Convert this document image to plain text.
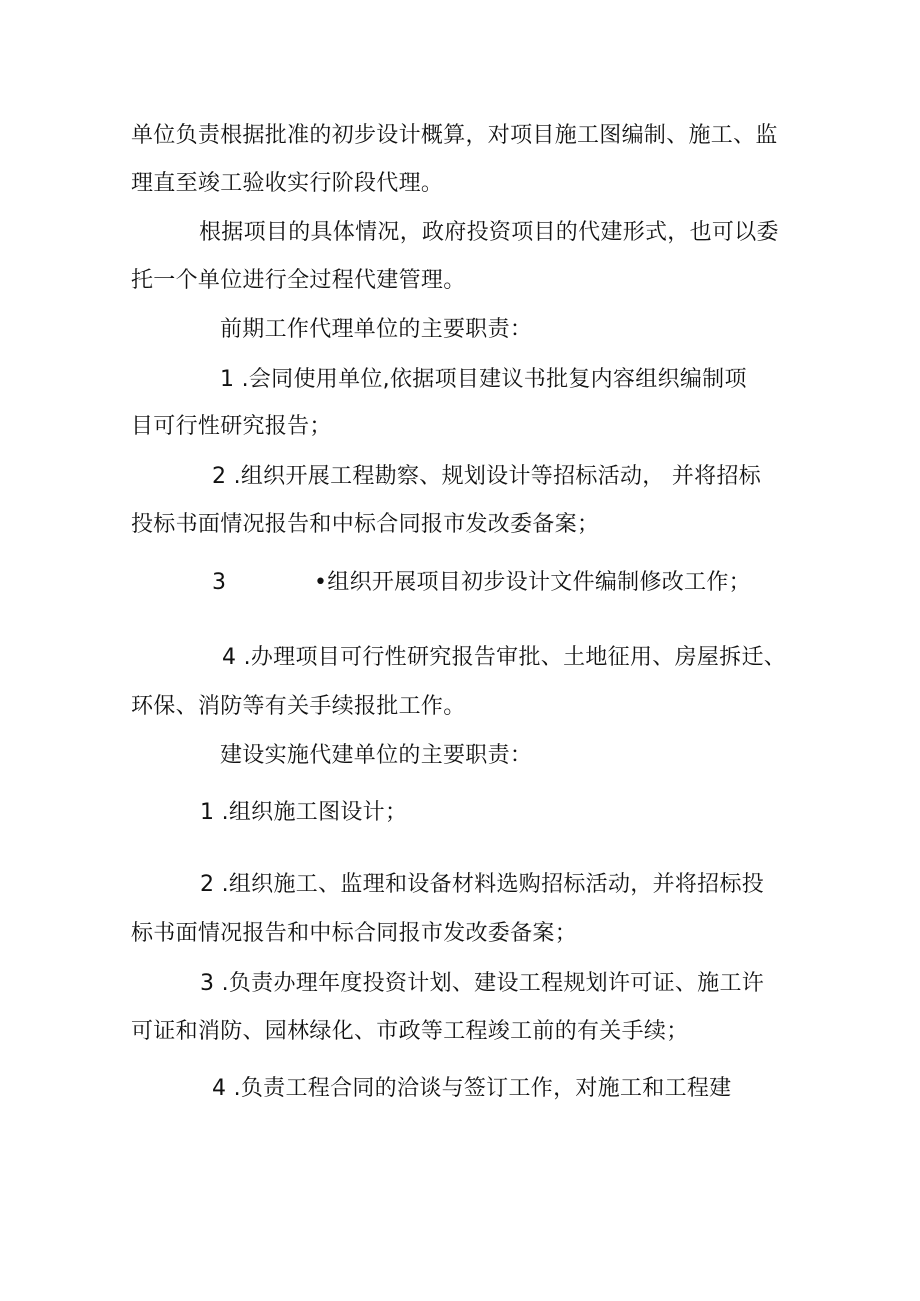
单位负责根据批准的初步设计概算，对项目施工图编制、施工、监
理直至竣工验收实行阶段代理。
根据项目的具体情况，政府投资项目的代建形式，也可以委
托一个单位进行全过程代建管理。
前期工作代理单位的主要职责：
1 .会同使用单位,依据项目建议书批复内容组织编制项
目可行性研究报告；
2 .组织开展工程勘察、规划设计等招标活动， 并将招标
投标书面情况报告和中标合同报市发改委备案；
3	•组织开展项目初步设计文件编制修改工作；
4 .办理项目可行性研究报告审批、土地征用、房屋拆迁、
环保、消防等有关手续报批工作。
建设实施代建单位的主要职责：
1 .组织施工图设计；
2 .组织施工、监理和设备材料选购招标活动，并将招标投
标书面情况报告和中标合同报市发改委备案；
3 .负责办理年度投资计划、建设工程规划许可证、施工许
可证和消防、园林绿化、市政等工程竣工前的有关手续；
4 .负责工程合同的洽谈与签订工作，对施工和工程建
